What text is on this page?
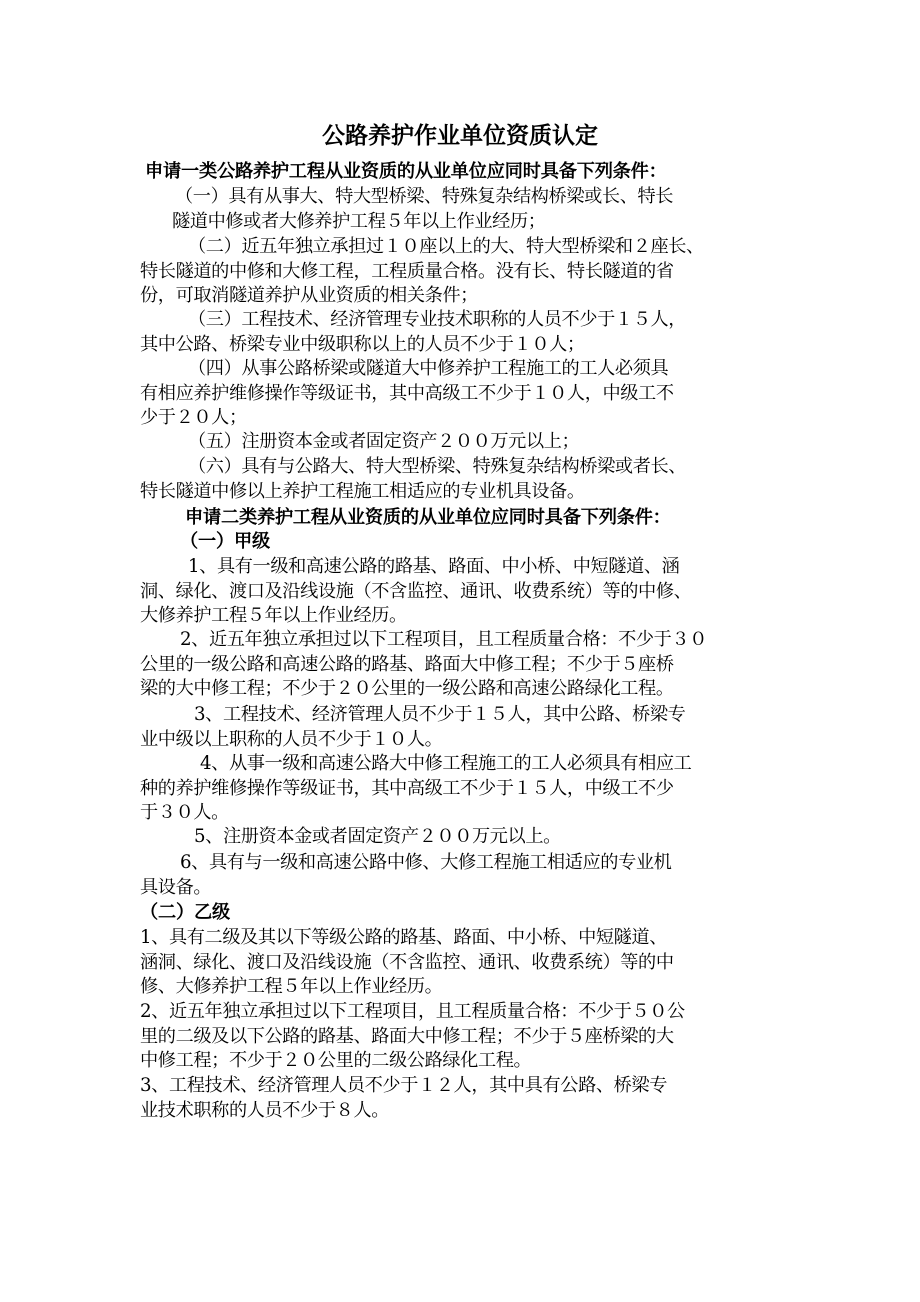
公路养护作业单位资质认定
申请一类公路养护工程从业资质的从业单位应同时具备下列条件：
（一）具有从事大、特大型桥梁、特殊复杂结构桥梁或长、特长
隧道中修或者大修养护工程５年以上作业经历；
（二）近五年独立承担过１０座以上的大、特大型桥梁和２座长、
特长隧道的中修和大修工程，工程质量合格。没有长、特长隧道的省
份，可取消隧道养护从业资质的相关条件；
（三）工程技术、经济管理专业技术职称的人员不少于１５人，
其中公路、桥梁专业中级职称以上的人员不少于１０人；
（四）从事公路桥梁或隧道大中修养护工程施工的工人必须具
有相应养护维修操作等级证书，其中高级工不少于１０人，中级工不
少于２０人；
（五）注册资本金或者固定资产２００万元以上；
（六）具有与公路大、特大型桥梁、特殊复杂结构桥梁或者长、
特长隧道中修以上养护工程施工相适应的专业机具设备。
申请二类养护工程从业资质的从业单位应同时具备下列条件：
（一）甲级
1、具有一级和高速公路的路基、路面、中小桥、中短隧道、涵
洞、绿化、渡口及沿线设施（不含监控、通讯、收费系统）等的中修、
大修养护工程５年以上作业经历。
2、近五年独立承担过以下工程项目，且工程质量合格：不少于３０
公里的一级公路和高速公路的路基、路面大中修工程；不少于５座桥
梁的大中修工程；不少于２０公里的一级公路和高速公路绿化工程。
3、工程技术、经济管理人员不少于１５人，其中公路、桥梁专
业中级以上职称的人员不少于１０人。
4、从事一级和高速公路大中修工程施工的工人必须具有相应工
种的养护维修操作等级证书，其中高级工不少于１５人，中级工不少
于３０人。
5、注册资本金或者固定资产２００万元以上。
6、具有与一级和高速公路中修、大修工程施工相适应的专业机
具设备。
（二）乙级
1、具有二级及其以下等级公路的路基、路面、中小桥、中短隧道、
涵洞、绿化、渡口及沿线设施（不含监控、通讯、收费系统）等的中
修、大修养护工程５年以上作业经历。
2、近五年独立承担过以下工程项目，且工程质量合格：不少于５０公
里的二级及以下公路的路基、路面大中修工程；不少于５座桥梁的大
中修工程；不少于２０公里的二级公路绿化工程。
3、工程技术、经济管理人员不少于１２人，其中具有公路、桥梁专
业技术职称的人员不少于８人。
